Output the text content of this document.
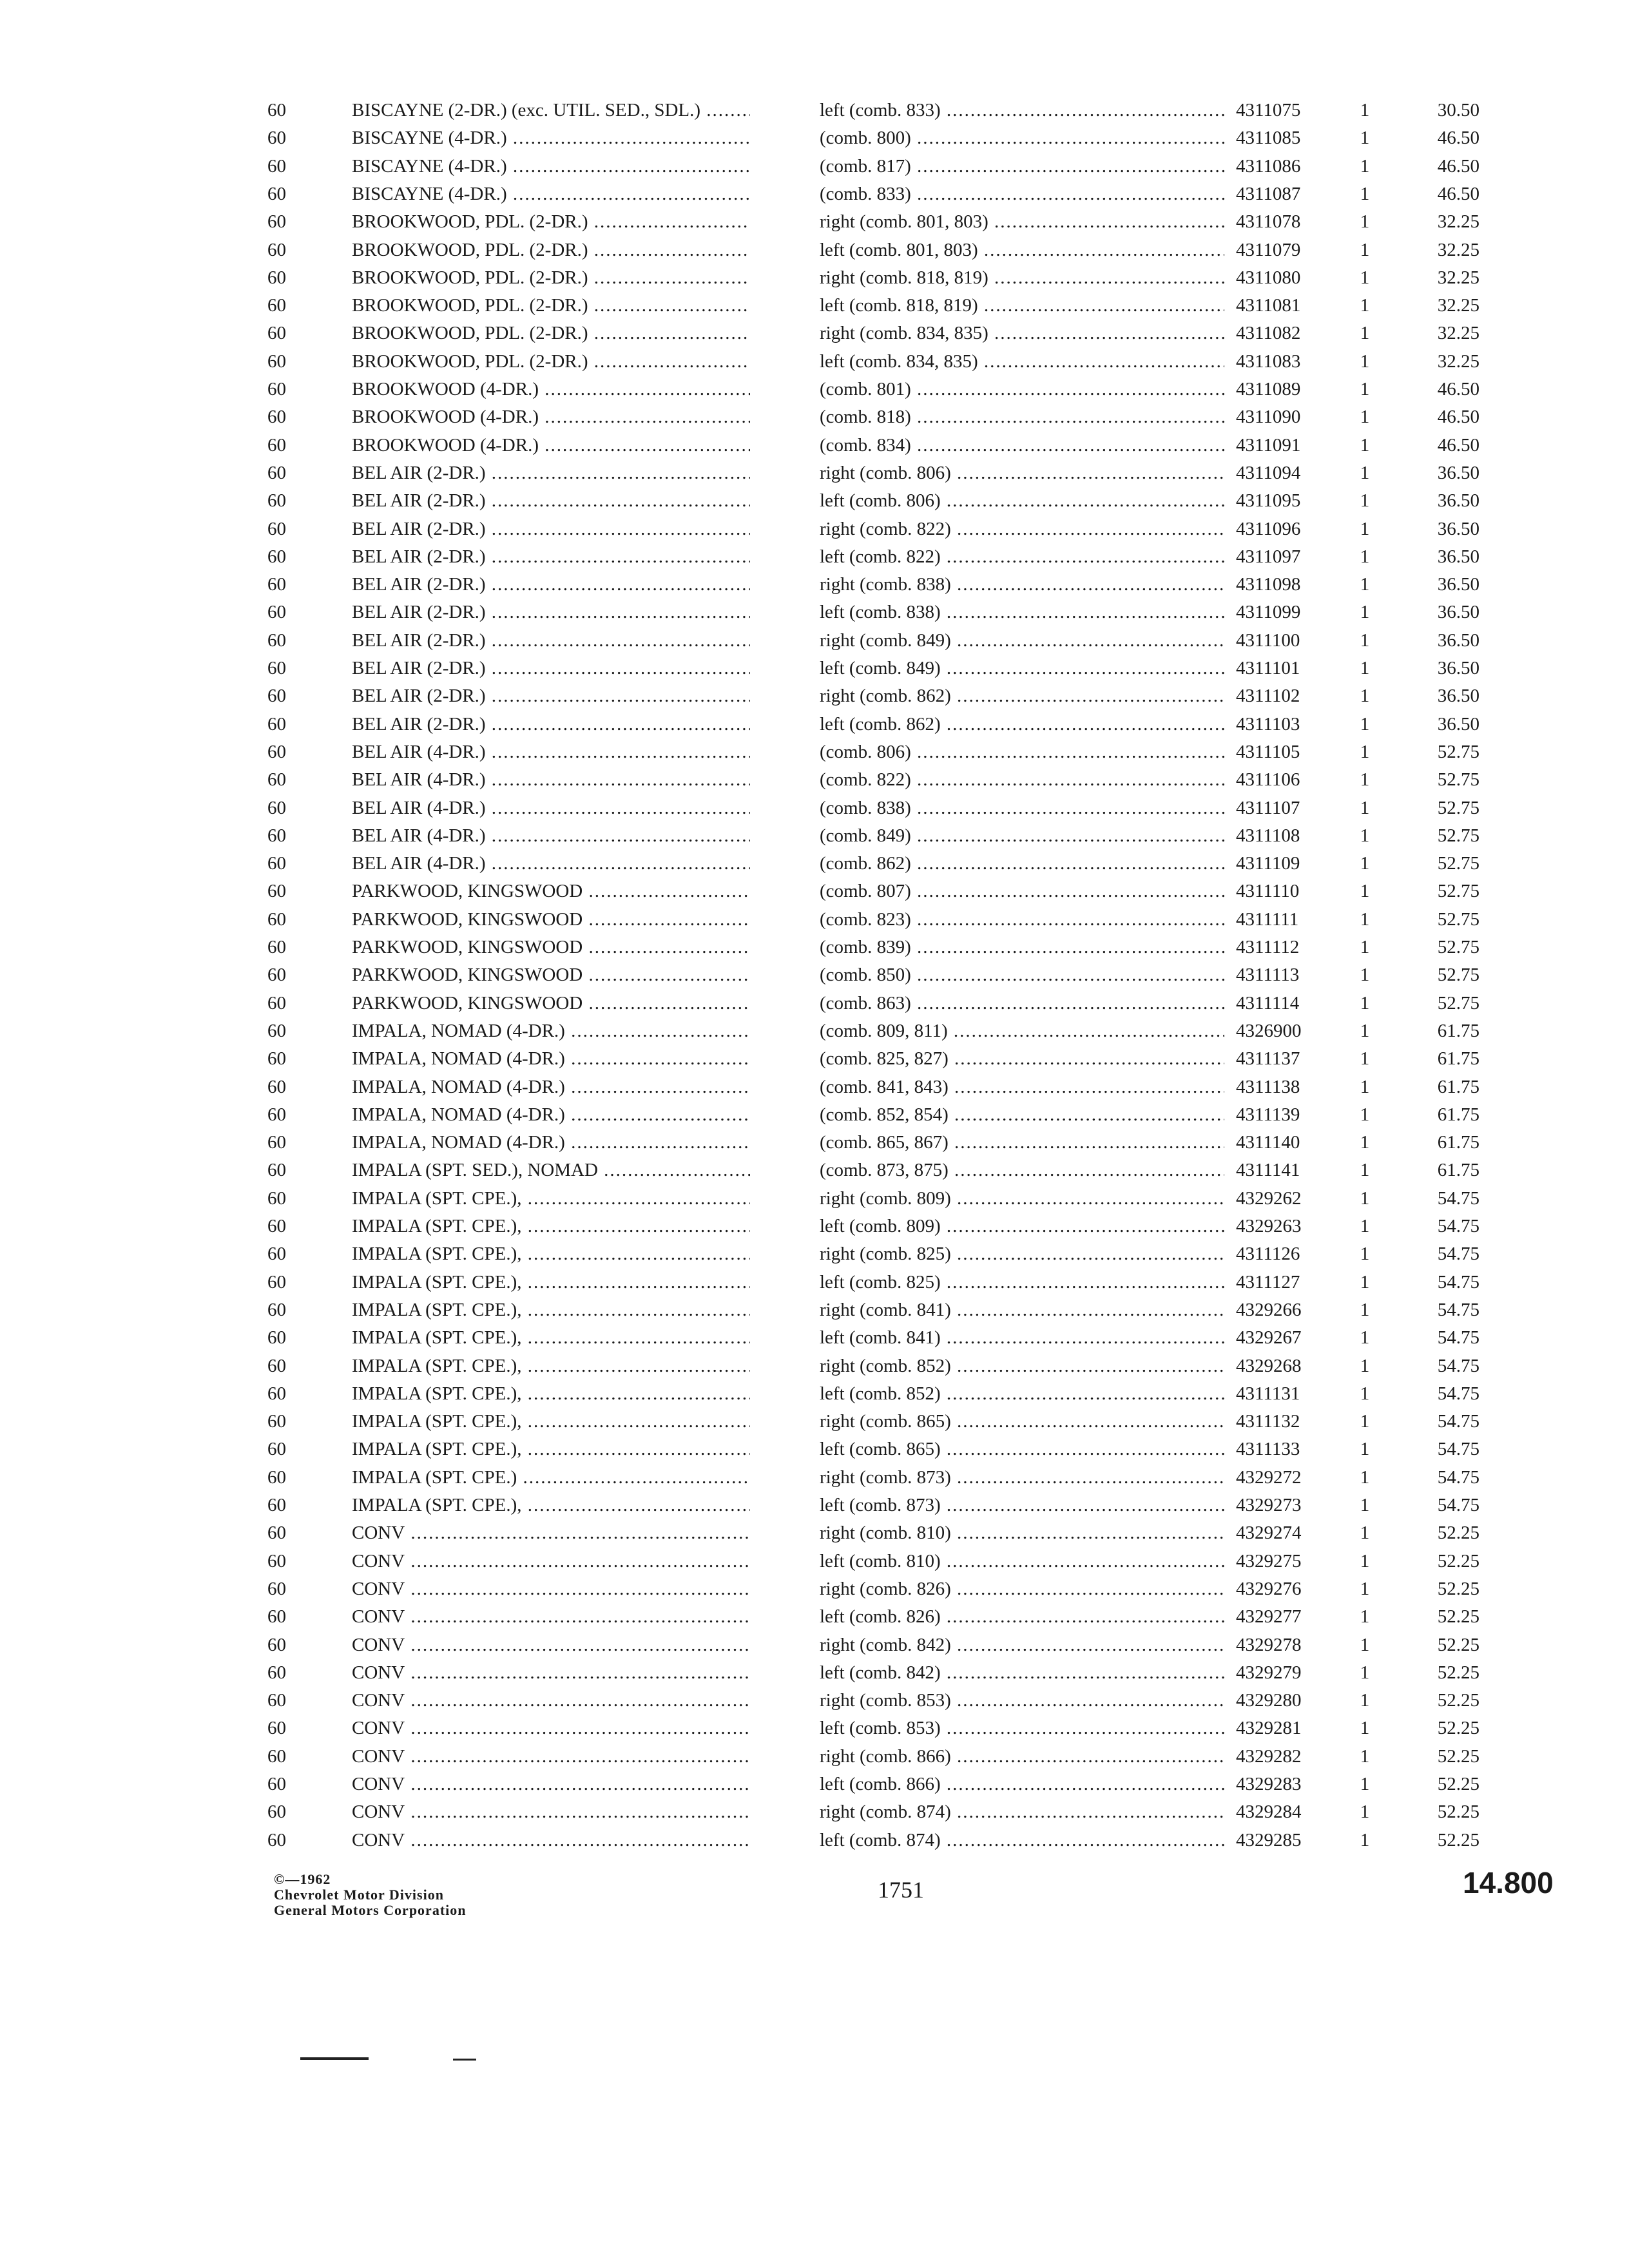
60	BISCAYNE (2-DR.) (exc. UTIL. SED., SDL.) .....	left (comb. 833) .....	4311075	1	30.50
60	BISCAYNE (4-DR.) .....	(comb. 800) .....	4311085	1	46.50
60	BISCAYNE (4-DR.) .....	(comb. 817) .....	4311086	1	46.50
60	BISCAYNE (4-DR.) .....	(comb. 833) .....	4311087	1	46.50
60	BROOKWOOD, PDL. (2-DR.) .....	right (comb. 801, 803) .....	4311078	1	32.25
60	BROOKWOOD, PDL. (2-DR.) .....	left (comb. 801, 803) .....	4311079	1	32.25
60	BROOKWOOD, PDL. (2-DR.) .....	right (comb. 818, 819) .....	4311080	1	32.25
60	BROOKWOOD, PDL. (2-DR.) .....	left (comb. 818, 819) .....	4311081	1	32.25
60	BROOKWOOD, PDL. (2-DR.) .....	right (comb. 834, 835) .....	4311082	1	32.25
60	BROOKWOOD, PDL. (2-DR.) .....	left (comb. 834, 835) .....	4311083	1	32.25
60	BROOKWOOD (4-DR.) .....	(comb. 801) .....	4311089	1	46.50
60	BROOKWOOD (4-DR.) .....	(comb. 818) .....	4311090	1	46.50
60	BROOKWOOD (4-DR.) .....	(comb. 834) .....	4311091	1	46.50
60	BEL AIR (2-DR.) .....	right (comb. 806) .....	4311094	1	36.50
60	BEL AIR (2-DR.) .....	left (comb. 806) .....	4311095	1	36.50
60	BEL AIR (2-DR.) .....	right (comb. 822) .....	4311096	1	36.50
60	BEL AIR (2-DR.) .....	left (comb. 822) .....	4311097	1	36.50
60	BEL AIR (2-DR.) .....	right (comb. 838) .....	4311098	1	36.50
60	BEL AIR (2-DR.) .....	left (comb. 838) .....	4311099	1	36.50
60	BEL AIR (2-DR.) .....	right (comb. 849) .....	4311100	1	36.50
60	BEL AIR (2-DR.) .....	left (comb. 849) .....	4311101	1	36.50
60	BEL AIR (2-DR.) .....	right (comb. 862) .....	4311102	1	36.50
60	BEL AIR (2-DR.) .....	left (comb. 862) .....	4311103	1	36.50
60	BEL AIR (4-DR.) .....	(comb. 806) .....	4311105	1	52.75
60	BEL AIR (4-DR.) .....	(comb. 822) .....	4311106	1	52.75
60	BEL AIR (4-DR.) .....	(comb. 838) .....	4311107	1	52.75
60	BEL AIR (4-DR.) .....	(comb. 849) .....	4311108	1	52.75
60	BEL AIR (4-DR.) .....	(comb. 862) .....	4311109	1	52.75
60	PARKWOOD, KINGSWOOD .....	(comb. 807) .....	4311110	1	52.75
60	PARKWOOD, KINGSWOOD .....	(comb. 823) .....	4311111	1	52.75
60	PARKWOOD, KINGSWOOD .....	(comb. 839) .....	4311112	1	52.75
60	PARKWOOD, KINGSWOOD .....	(comb. 850) .....	4311113	1	52.75
60	PARKWOOD, KINGSWOOD .....	(comb. 863) .....	4311114	1	52.75
60	IMPALA, NOMAD (4-DR.) .....	(comb. 809, 811) .....	4326900	1	61.75
60	IMPALA, NOMAD (4-DR.) .....	(comb. 825, 827) .....	4311137	1	61.75
60	IMPALA, NOMAD (4-DR.) .....	(comb. 841, 843) .....	4311138	1	61.75
60	IMPALA, NOMAD (4-DR.) .....	(comb. 852, 854) .....	4311139	1	61.75
60	IMPALA, NOMAD (4-DR.) .....	(comb. 865, 867) .....	4311140	1	61.75
60	IMPALA (SPT. SED.), NOMAD .....	(comb. 873, 875) .....	4311141	1	61.75
60	IMPALA (SPT. CPE.), .....	right (comb. 809) .....	4329262	1	54.75
60	IMPALA (SPT. CPE.), .....	left (comb. 809) .....	4329263	1	54.75
60	IMPALA (SPT. CPE.), .....	right (comb. 825) .....	4311126	1	54.75
60	IMPALA (SPT. CPE.), .....	left (comb. 825) .....	4311127	1	54.75
60	IMPALA (SPT. CPE.), .....	right (comb. 841) .....	4329266	1	54.75
60	IMPALA (SPT. CPE.), .....	left (comb. 841) .....	4329267	1	54.75
60	IMPALA (SPT. CPE.), .....	right (comb. 852) .....	4329268	1	54.75
60	IMPALA (SPT. CPE.), .....	left (comb. 852) .....	4311131	1	54.75
60	IMPALA (SPT. CPE.), .....	right (comb. 865) .....	4311132	1	54.75
60	IMPALA (SPT. CPE.), .....	left (comb. 865) .....	4311133	1	54.75
60	IMPALA (SPT. CPE.) .....	right (comb. 873) .....	4329272	1	54.75
60	IMPALA (SPT. CPE.), .....	left (comb. 873) .....	4329273	1	54.75
60	CONV .....	right (comb. 810) .....	4329274	1	52.25
60	CONV .....	left (comb. 810) .....	4329275	1	52.25
60	CONV .....	right (comb. 826) .....	4329276	1	52.25
60	CONV .....	left (comb. 826) .....	4329277	1	52.25
60	CONV .....	right (comb. 842) .....	4329278	1	52.25
60	CONV .....	left (comb. 842) .....	4329279	1	52.25
60	CONV .....	right (comb. 853) .....	4329280	1	52.25
60	CONV .....	left (comb. 853) .....	4329281	1	52.25
60	CONV .....	right (comb. 866) .....	4329282	1	52.25
60	CONV .....	left (comb. 866) .....	4329283	1	52.25
60	CONV .....	right (comb. 874) .....	4329284	1	52.25
60	CONV .....	left (comb. 874) .....	4329285	1	52.25
©—1962
Chevrolet Motor Division
General Motors Corporation
1751	14.800
